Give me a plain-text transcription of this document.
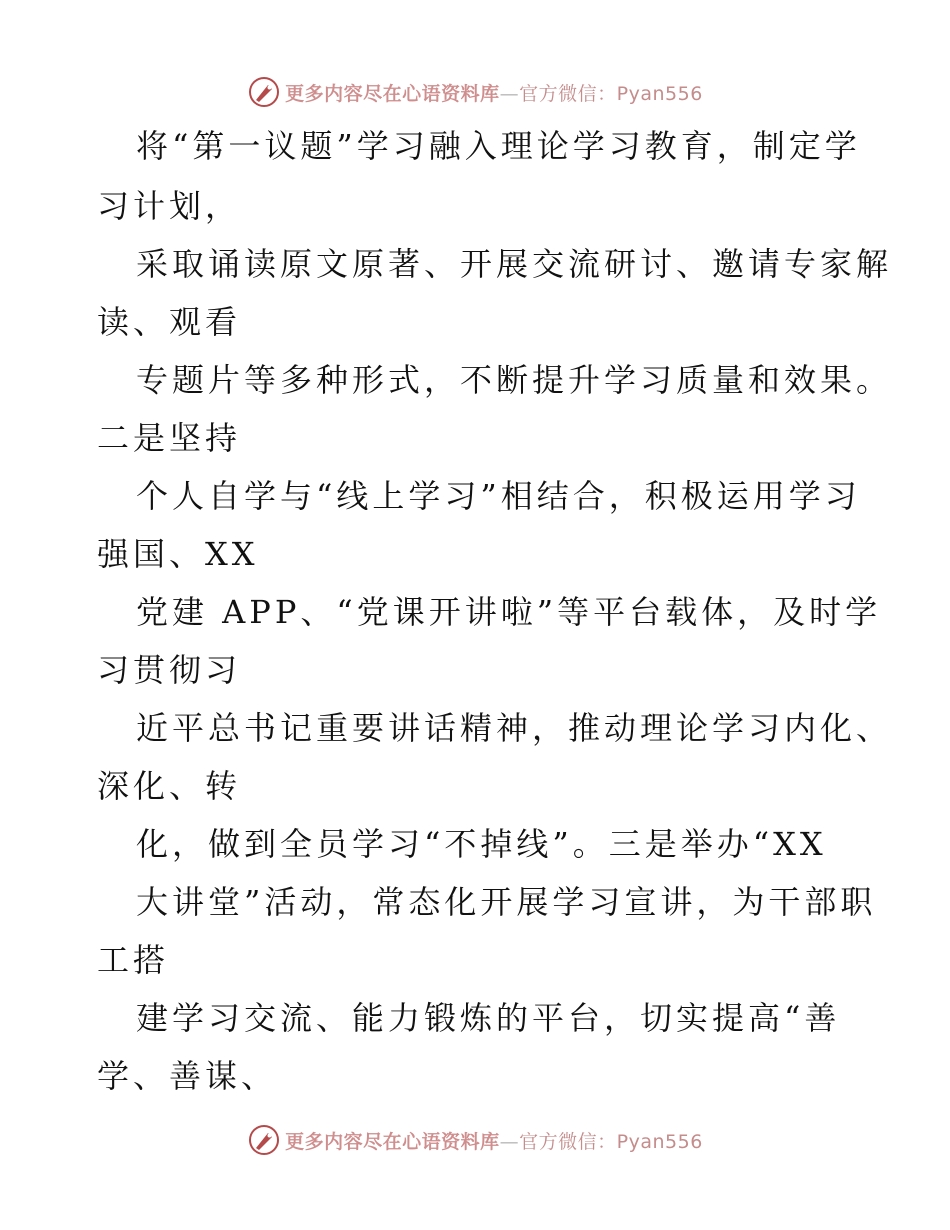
更多内容尽在心语资料库—官方微信：Pyan556
将“第一议题”学习融入理论学习教育，制定学
习计划，
采取诵读原文原著、开展交流研讨、邀请专家解
读、观看
专题片等多种形式，不断提升学习质量和效果。
二是坚持
个人自学与“线上学习”相结合，积极运用学习
强国、XX
党建 APP、“党课开讲啦”等平台载体，及时学
习贯彻习
近平总书记重要讲话精神，推动理论学习内化、
深化、转
化，做到全员学习“不掉线”。三是举办“XX
大讲堂”活动，常态化开展学习宣讲，为干部职
工搭
建学习交流、能力锻炼的平台，切实提高“善
学、善谋、
更多内容尽在心语资料库—官方微信：Pyan556
